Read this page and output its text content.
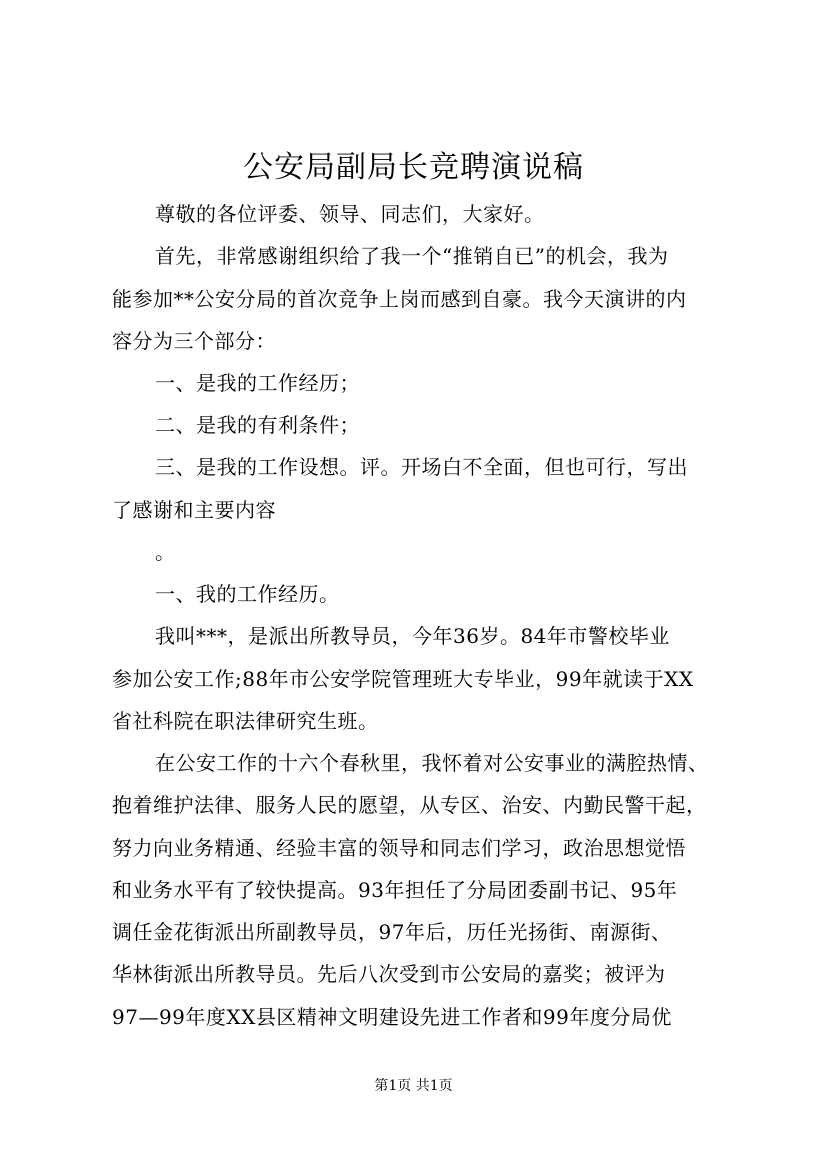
公安局副局长竞聘演说稿
尊敬的各位评委、领导、同志们，大家好。
首先，非常感谢组织给了我一个“推销自已”的机会，我为
能参加**公安分局的首次竞争上岗而感到自豪。我今天演讲的内
容分为三个部分：
一、是我的工作经历；
二、是我的有利条件；
三、是我的工作设想。评。开场白不全面，但也可行，写出
了感谢和主要内容
。
一、我的工作经历。
我叫***，是派出所教导员，今年36岁。84年市警校毕业
参加公安工作;88年市公安学院管理班大专毕业，99年就读于XX
省社科院在职法律研究生班。
在公安工作的十六个春秋里，我怀着对公安事业的满腔热情、
抱着维护法律、服务人民的愿望，从专区、治安、内勤民警干起，
努力向业务精通、经验丰富的领导和同志们学习，政治思想觉悟
和业务水平有了较快提高。93年担任了分局团委副书记、95年
调任金花街派出所副教导员，97年后，历任光扬街、南源街、
华林街派出所教导员。先后八次受到市公安局的嘉奖；被评为
97—99年度XX县区精神文明建设先进工作者和99年度分局优
第1页 共1页
